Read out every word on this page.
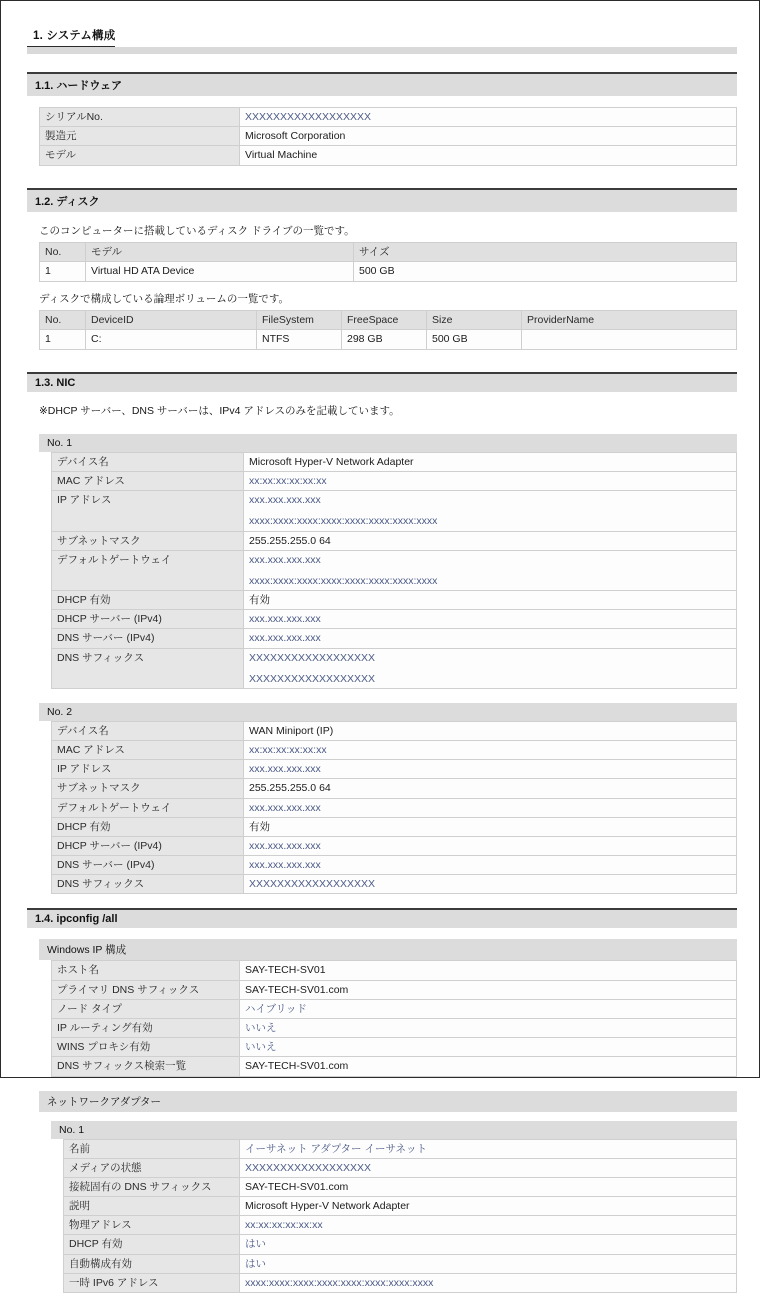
1. システム構成
1.1. ハードウェア
シリアルNo.	XXXXXXXXXXXXXXXXXX

製造元	Microsoft Corporation

モデル	Virtual Machine
1.2. ディスク
このコンピューターに搭載しているディスク ドライブの一覧です。
No.	モデル	サイズ
1	Virtual HD ATA Device	500 GB
ディスクで構成している論理ボリュームの一覧です。
No.	DeviceID	FileSystem	FreeSpace	Size	ProviderName
1	C:	NTFS	298 GB	500 GB	
1.3. NIC
※DHCP サーバー、DNS サーバーは、IPv4 アドレスのみを記載しています。
No. 1
デバイス名	Microsoft Hyper-V Network Adapter

MAC アドレス	xx:xx:xx:xx:xx:xx

IP アドレス	xxx.xxx.xxx.xxx
xxxx:xxxx:xxxx:xxxx:xxxx:xxxx:xxxx:xxxx

サブネットマスク	255.255.255.0 64

デフォルトゲートウェイ	xxx.xxx.xxx.xxx
xxxx:xxxx:xxxx:xxxx:xxxx:xxxx:xxxx:xxxx

DHCP 有効	有効

DHCP サーバー (IPv4)	xxx.xxx.xxx.xxx

DNS サーバー (IPv4)	xxx.xxx.xxx.xxx

DNS サフィックス	XXXXXXXXXXXXXXXXXX
XXXXXXXXXXXXXXXXXX
No. 2
デバイス名	WAN Miniport (IP)

MAC アドレス	xx:xx:xx:xx:xx:xx

IP アドレス	xxx.xxx.xxx.xxx

サブネットマスク	255.255.255.0 64

デフォルトゲートウェイ	xxx.xxx.xxx.xxx

DHCP 有効	有効

DHCP サーバー (IPv4)	xxx.xxx.xxx.xxx

DNS サーバー (IPv4)	xxx.xxx.xxx.xxx

DNS サフィックス	XXXXXXXXXXXXXXXXXX
1.4. ipconfig /all
Windows IP 構成
ホスト名	SAY-TECH-SV01

プライマリ DNS サフィックス	SAY-TECH-SV01.com

ノード タイプ	ハイブリッド

IP ルーティング有効	いいえ

WINS プロキシ有効	いいえ

DNS サフィックス検索一覧	SAY-TECH-SV01.com
ネットワークアダプター
No. 1
名前	イーサネット アダプター イーサネット

メディアの状態	XXXXXXXXXXXXXXXXXX

接続固有の DNS サフィックス	SAY-TECH-SV01.com

説明	Microsoft Hyper-V Network Adapter

物理アドレス	xx:xx:xx:xx:xx:xx

DHCP 有効	はい

自動構成有効	はい

一時 IPv6 アドレス	xxxx:xxxx:xxxx:xxxx:xxxx:xxxx:xxxx:xxxx
